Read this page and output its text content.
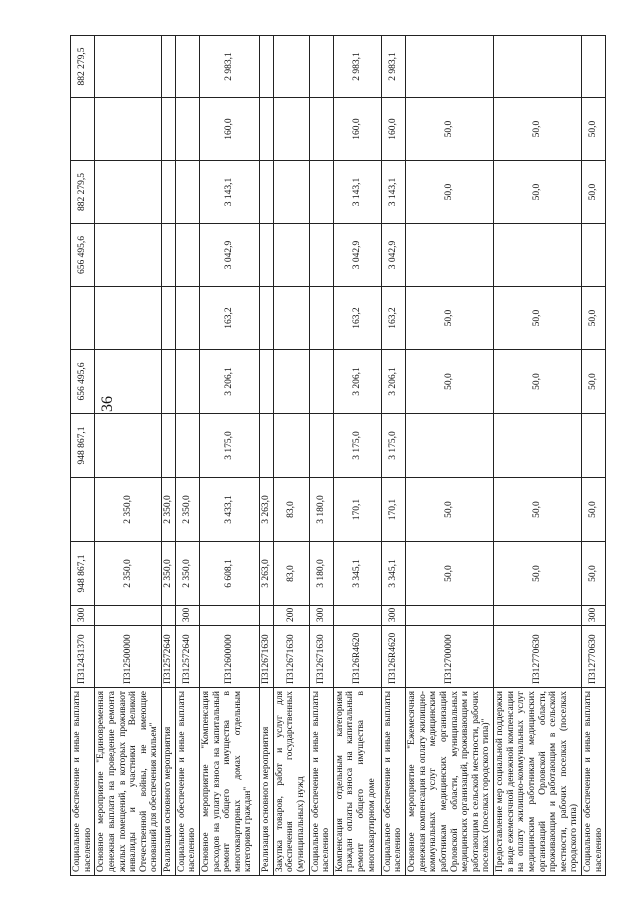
36
Социальное обеспечение и иные выплаты населению	П312431370	300	948 867,1		948 867,1	656 495,6		656 495,6	882 279,5		882 279,5
Основное мероприятие "Единовременная денежная выплата на проведение ремонта жилых помещений, в которых проживают инвалиды и участники Великой Отечественной войны, не имеющие оснований для обеспечения жильем"	П312500000		2 350,0	2 350,0							
Реализация основного мероприятия	П312572640		2 350,0	2 350,0							
Социальное обеспечение и иные выплаты населению	П312572640	300	2 350,0	2 350,0							
Основное мероприятие "Компенсация расходов на уплату взноса на капитальный ремонт общего имущества в многоквартирных домах отдельным категориям граждан"	П312600000		6 608,1	3 433,1	3 175,0	3 206,1	163,2	3 042,9	3 143,1	160,0	2 983,1
Реализация основного мероприятия	П312671630		3 263,0	3 263,0							
Закупка товаров, работ и услуг для обеспечения государственных (муниципальных) нужд	П312671630	200	83,0	83,0							
Социальное обеспечение и иные выплаты населению	П312671630	300	3 180,0	3 180,0							
Компенсация отдельным категориям граждан оплаты взноса на капитальный ремонт общего имущества в многоквартирном доме	П3126R4620		3 345,1	170,1	3 175,0	3 206,1	163,2	3 042,9	3 143,1	160,0	2 983,1
Социальное обеспечение и иные выплаты населению	П3126R4620	300	3 345,1	170,1	3 175,0	3 206,1	163,2	3 042,9	3 143,1	160,0	2 983,1
Основное мероприятие "Ежемесячная денежная компенсация на оплату жилищно-коммунальных услуг медицинским работникам медицинских организаций Орловской области, муниципальных медицинских организаций, проживающим и работающим в сельской местности, рабочих поселках (поселках городского типа)"	П312700000		50,0	50,0		50,0	50,0		50,0	50,0	
Предоставление мер социальной поддержки в виде ежемесячной денежной компенсации на оплату жилищно-коммунальных услуг медицинским работникам медицинских организаций Орловской области, проживающим и работающим в сельской местности, рабочих поселках (поселках городского типа)	П312770630		50,0	50,0		50,0	50,0		50,0	50,0	
Социальное обеспечение и иные выплаты населению	П312770630	300	50,0	50,0		50,0	50,0		50,0	50,0	
